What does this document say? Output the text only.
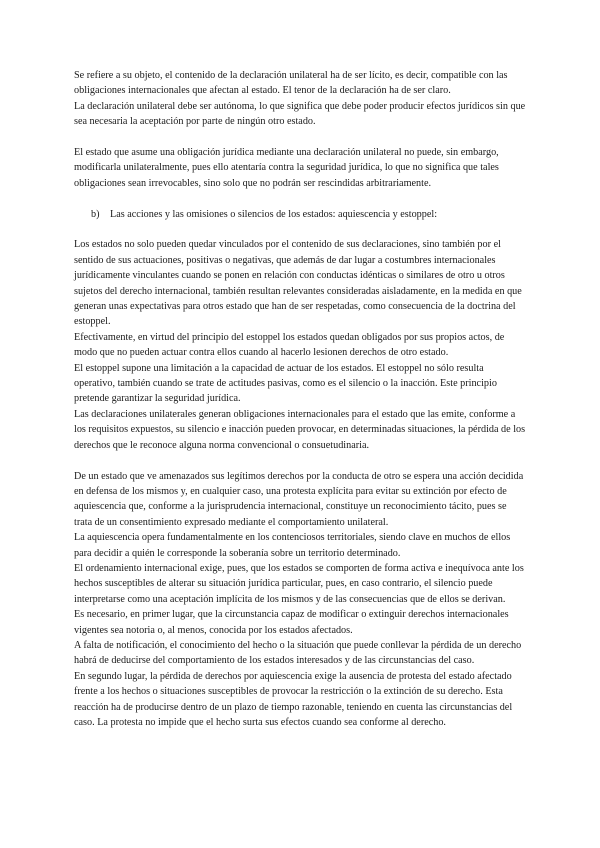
Se refiere a su objeto, el contenido de la declaración unilateral ha de ser lícito, es decir, compatible con las obligaciones internacionales que afectan al estado. El tenor de la declaración ha de ser claro.

La declaración unilateral debe ser autónoma, lo que significa que debe poder producir efectos jurídicos sin que sea necesaria la aceptación por parte de ningún otro estado.

El estado que asume una obligación jurídica mediante una declaración unilateral no puede, sin embargo, modificarla unilateralmente, pues ello atentaría contra la seguridad jurídica, lo que no significa que tales obligaciones sean irrevocables, sino solo que no podrán ser rescindidas arbitrariamente.

b)	Las acciones y las omisiones o silencios de los estados: aquiescencia y estoppel:

Los estados no solo pueden quedar vinculados por el contenido de sus declaraciones, sino también por el sentido de sus actuaciones, positivas o negativas, que además de dar lugar a costumbres internacionales jurídicamente vinculantes cuando se ponen en relación con conductas idénticas o similares de otro u otros sujetos del derecho internacional, también resultan relevantes consideradas aisladamente, en la medida en que generan unas expectativas para otros estado que han de ser respetadas, como consecuencia de la doctrina del estoppel.

Efectivamente, en virtud del principio del estoppel los estados quedan obligados por sus propios actos, de modo que no pueden actuar contra ellos cuando al hacerlo lesionen derechos de otro estado.

El estoppel supone una limitación a la capacidad de actuar de los estados. El estoppel no sólo resulta operativo, también cuando se trate de actitudes pasivas, como es el silencio o la inacción. Este principio pretende garantizar la seguridad jurídica.

Las declaraciones unilaterales generan obligaciones internacionales para el estado que las emite, conforme a los requisitos expuestos, su silencio e inacción pueden provocar, en determinadas situaciones, la pérdida de los derechos que le reconoce alguna norma convencional o consuetudinaria.

De un estado que ve amenazados sus legítimos derechos por la conducta de otro se espera una acción decidida en defensa de los mismos y, en cualquier caso, una protesta explícita para evitar su extinción por efecto de aquiescencia que, conforme a la jurisprudencia internacional, constituye un reconocimiento tácito, pues se trata de un consentimiento expresado mediante el comportamiento unilateral.

La aquiescencia opera fundamentalmente en los contenciosos territoriales, siendo clave en muchos de ellos para decidir a quién le corresponde la soberanía sobre un territorio determinado.

El ordenamiento internacional exige, pues, que los estados se comporten de forma activa e inequívoca ante los hechos susceptibles de alterar su situación jurídica particular, pues, en caso contrario, el silencio puede interpretarse como una aceptación implícita de los mismos y de las consecuencias que de ellos se derivan.

Es necesario, en primer lugar, que la circunstancia capaz de modificar o extinguir derechos internacionales vigentes sea notoria o, al menos, conocida por los estados afectados.

A falta de notificación, el conocimiento del hecho o la situación que puede conllevar la pérdida de un derecho habrá de deducirse del comportamiento de los estados interesados y de las circunstancias del caso.

En segundo lugar, la pérdida de derechos por aquiescencia exige la ausencia de protesta del estado afectado frente a los hechos o situaciones susceptibles de provocar la restricción o la extinción de su derecho. Esta reacción ha de producirse dentro de un plazo de tiempo razonable, teniendo en cuenta las circunstancias del caso. La protesta no impide que el hecho surta sus efectos cuando sea conforme al derecho.
